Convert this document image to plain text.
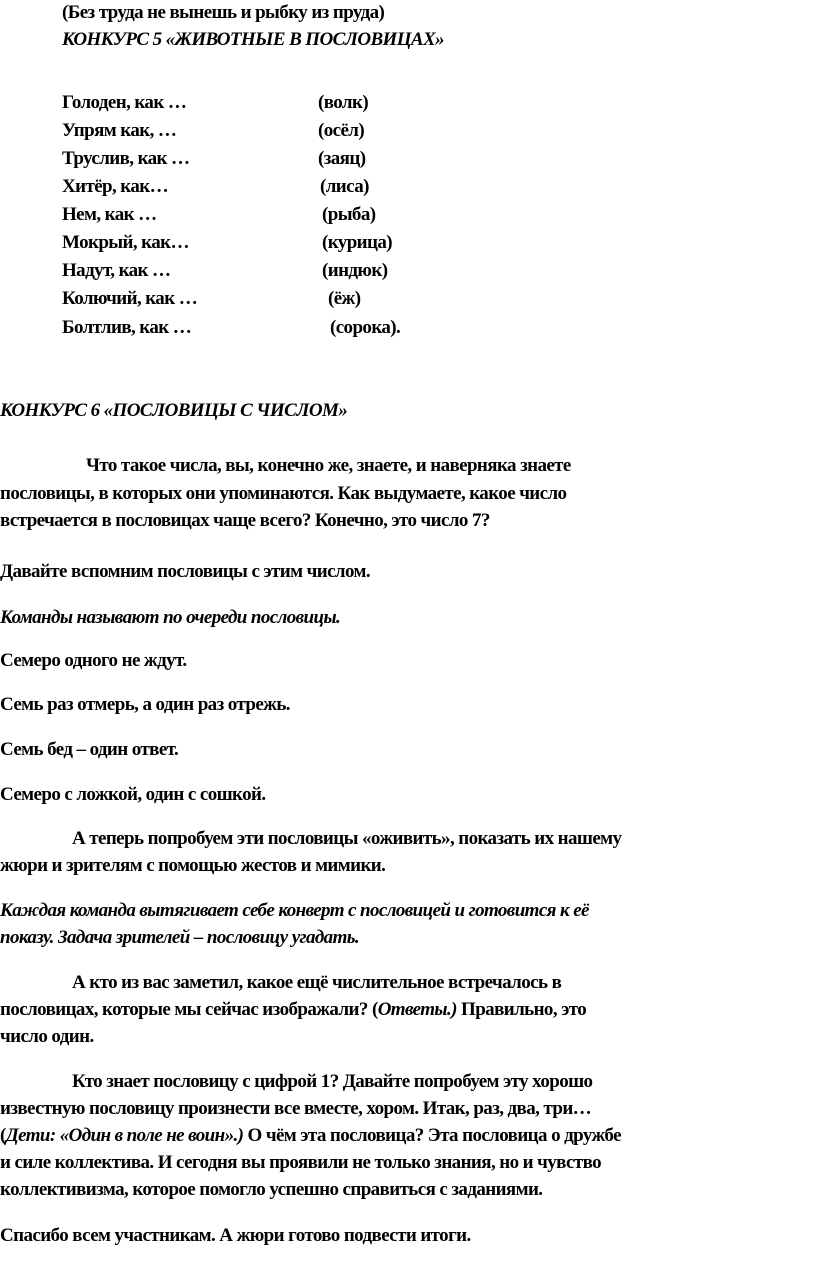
(Без труда не вынешь и рыбку из пруда)
КОНКУРС 5 «ЖИВОТНЫЕ В ПОСЛОВИЦАХ»
Голоден, как …	(волк)
Упрям как, …	(осёл)
Труслив, как …	(заяц)
Хитёр, как…	(лиса)
Нем, как …	(рыба)
Мокрый, как…	(курица)
Надут, как …	(индюк)
Колючий, как …	(ёж)
Болтлив, как …	(сорока).
КОНКУРС 6 «ПОСЛОВИЦЫ С ЧИСЛОМ»
Что такое числа, вы, конечно же, знаете, и наверняка знаете
пословицы, в которых они упоминаются. Как выдумаете, какое число
встречается в пословицах чаще всего? Конечно, это число 7?
Давайте вспомним пословицы с этим числом.
Команды называют по очереди пословицы.
Семеро одного не ждут.
Семь раз отмерь, а один раз отрежь.
Семь бед – один ответ.
Семеро с ложкой, один с сошкой.
А теперь попробуем эти пословицы «оживить», показать их нашему
жюри и зрителям с помощью жестов и мимики.
Каждая команда вытягивает себе конверт с пословицей и готовится к её
показу. Задача зрителей – пословицу угадать.
А кто из вас заметил, какое ещё числительное встречалось в
пословицах, которые мы сейчас изображали? (Ответы.) Правильно, это
число один.
Кто знает пословицу с цифрой 1? Давайте попробуем эту хорошо
известную пословицу произнести все вместе, хором. Итак, раз, два, три…
(Дети: «Один в поле не воин».) О чём эта пословица? Эта пословица о дружбе
и силе коллектива. И сегодня вы проявили не только знания, но и чувство
коллективизма, которое помогло успешно справиться с заданиями.
Спасибо всем участникам. А жюри готово подвести итоги.
